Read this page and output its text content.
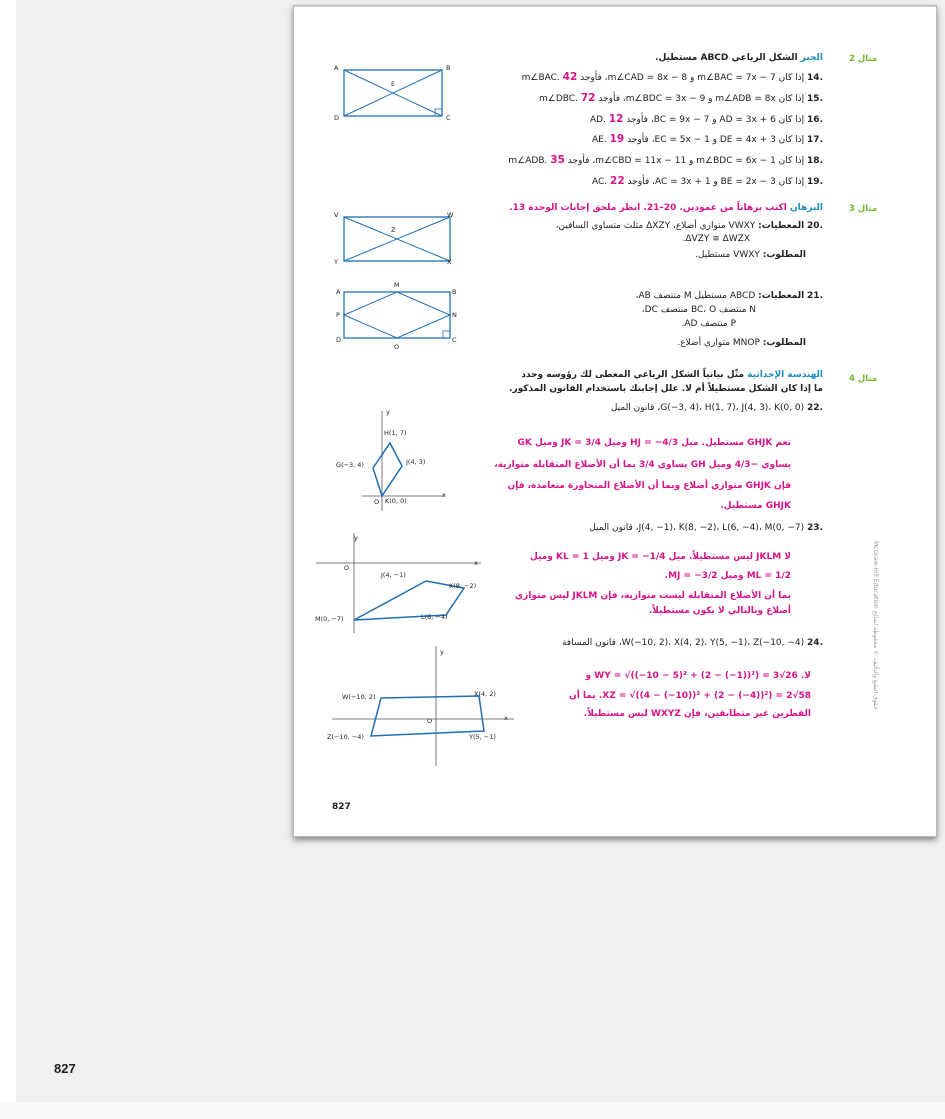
مثال 2
مثال 3
مثال 4
الجبر الشكل الرباعي ABCD مستطيل.
.14 إذا كان m∠BAC = 7x − 7 و m∠CAD = 8x − 8، فأوجد m∠BAC. 42
.15 إذا كان m∠ADB = 8x و m∠BDC = 3x − 9، فأوجد m∠DBC. 72
.16 إذا كان AD = 3x + 6 و BC = 9x − 7، فأوجد AD. 12
.17 إذا كان DE = 4x + 3 و EC = 5x − 1، فأوجد AE. 19
.18 إذا كان m∠BDC = 6x − 1 و m∠CBD = 11x − 11، فأوجد m∠ADB. 35
.19 إذا كان BE = 2x − 3 و AC = 3x + 1، فأوجد AC. 22
A	B
C
D
E
البرهان اكتب برهاناً من عمودين. 20–21. انظر ملحق إجابات الوحدة 13.
.20 المعطيات: VWXY متوازي أضلاع، ΔXZY مثلث متساوي الساقين،
ΔVZY ≅ ΔWZX.
المطلوب: VWXY مستطيل.
V	W
X
Y
Z
.21 المعطيات: ABCD مستطيل M منتصف AB،
N منتصف BC، O منتصف DC،
P منتصف AD.
المطلوب: MNOP متوازي أضلاع.
A	B
C
D
M
N
O
P
الهندسة الإحداثية مثّل بيانياً الشكل الرباعي المعطى لك رؤوسه وحدد
ما إذا كان الشكل مستطيلاً أم لا. علل إجابتك باستخدام القانون المذكور.
.22 G(−3, 4)، H(1, 7)، J(4, 3)، K(0, 0)، قانون الميل
نعم GHJK مستطيل. ميل HJ = −4/3 وميل JK = 3/4 وميل GK
يساوي −4/3 وميل GH يساوي 3/4 بما أن الأضلاع المتقابلة متوازية،
فإن GHJK متوازي أضلاع وبما أن الأضلاع المتجاورة متعامدة، فإن
GHJK مستطيل.
y
x
O
H(1, 7)
G(−3, 4)	J(4, 3)
K(0, 0)
.23 J(4, −1)، K(8, −2)، L(6, −4)، M(0, −7)، قانون الميل
لا JKLM ليس مستطيلاً. ميل JK = −1/4 وميل KL = 1 وميل
ML = 1/2 وميل MJ = −3/2.
بما أن الأضلاع المتقابلة ليست متوازية، فإن JKLM ليس متوازي
أضلاع وبالتالي لا يكون مستطيلاً.
y
x
O
J(4, −1)
K(8, −2)
L(6, −4)
M(0, −7)
.24 W(−10, 2)، X(4, 2)، Y(5, −1)، Z(−10, −4)، قانون المسافة
لا. WY = √((−10 − 5)² + (2 − (−1))²) = 3√26 و
XZ = √((4 − (−10))² + (2 − (−4))²) = 2√58. بما أن
القطرين غير متطابقين، فإن WXYZ ليس مستطيلاً.
y
x
O
W(−10, 2)	X(4, 2)
Y(5, −1)
Z(−10, −4)
McGraw-Hill Education حقوق الطبع والتأليف © محفوظة لصالح
827
827
